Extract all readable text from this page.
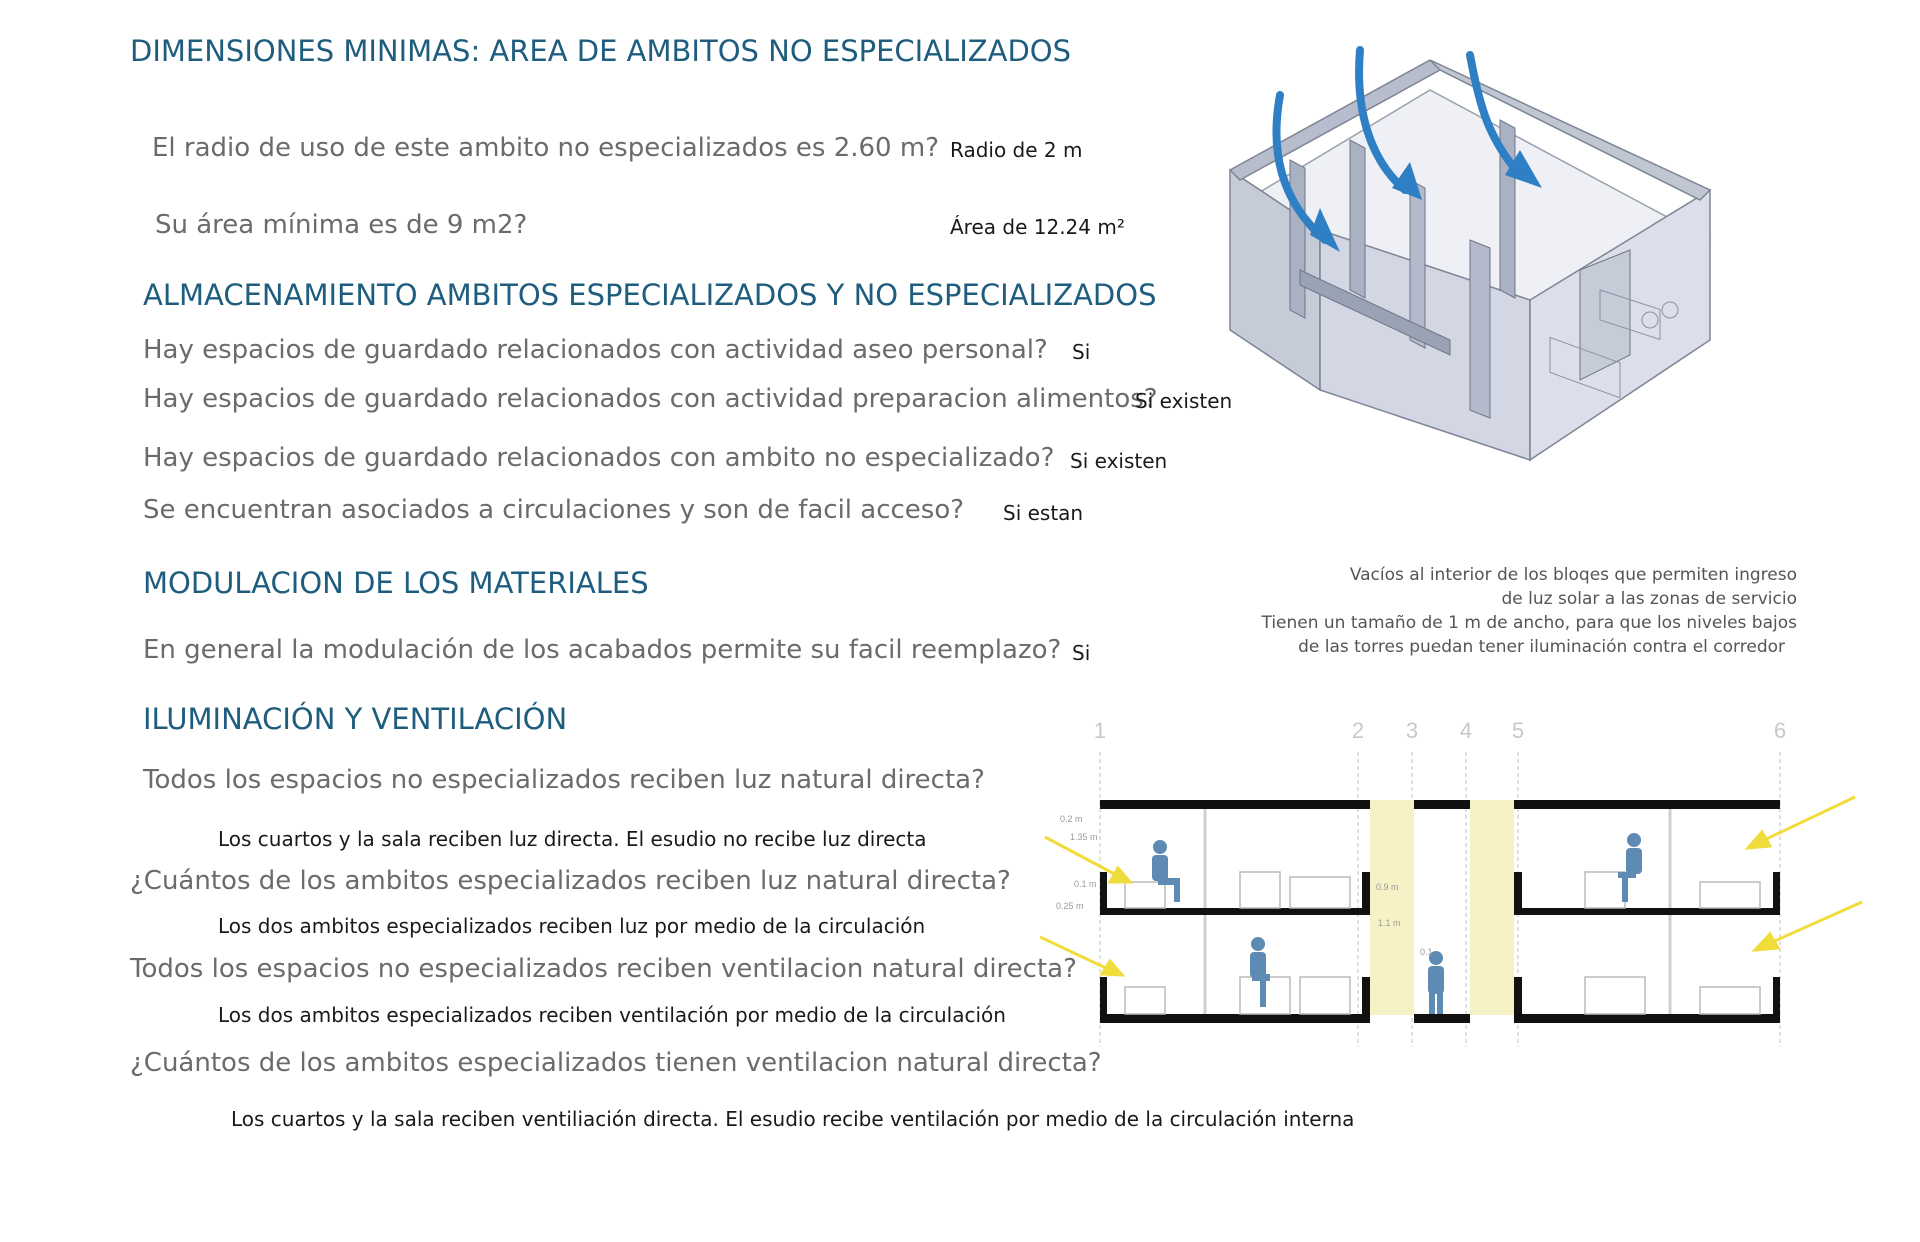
DIMENSIONES MINIMAS: AREA DE AMBITOS NO ESPECIALIZADOS
El radio de uso de este ambito no especializados es 2.60 m? Radio de 2 m
Su área mínima es de 9 m2?	Área de 12.24 m²
ALMACENAMIENTO AMBITOS ESPECIALIZADOS Y NO ESPECIALIZADOS
Hay espacios de guardado relacionados con actividad aseo personal? Si
Hay espacios de guardado relacionados con actividad preparacion alimentos?
Si existen
Hay espacios de guardado relacionados con ambito no especializado? Si existen
Se encuentran asociados a circulaciones y son de facil acceso? Si estan
MODULACION DE LOS MATERIALES
En general la modulación de los acabados permite su facil reemplazo? Si
ILUMINACIÓN Y VENTILACIÓN
Todos los espacios no especializados reciben luz natural directa?
Los cuartos y la sala reciben luz directa. El esudio no recibe luz directa
¿Cuántos de los ambitos especializados reciben luz natural directa?
Los dos ambitos especializados reciben luz por medio de la circulación
Todos los espacios no especializados reciben ventilacion natural directa?
Los dos ambitos especializados reciben ventilación por medio de la circulación
¿Cuántos de los ambitos especializados tienen ventilacion natural directa?
Los cuartos y la sala reciben ventiliación directa. El esudio recibe ventilación por medio de la circulación interna
Vacíos al interior de los bloqes que permiten ingreso
de luz solar a las zonas de servicio
Tienen un tamaño de 1 m de ancho, para que los niveles bajos
de las torres puedan tener iluminación contra el corredor
1	2 3 4 5	6
0.2 m
1.35 m
0.1 m
0.25 m
0.9 m
1.1 m
0.1
